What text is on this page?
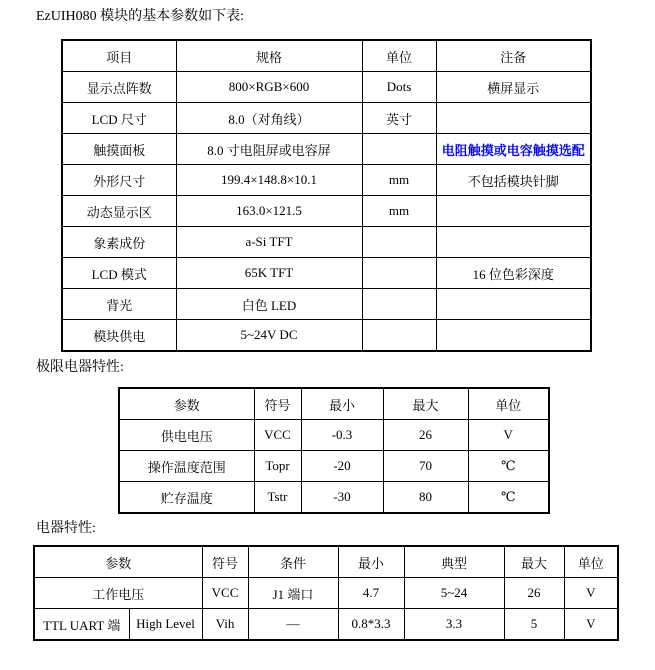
EzUIH080 模块的基本参数如下表:
项目	规格	单位	注备
显示点阵数	800×RGB×600	Dots	横屏显示
LCD 尺寸	8.0（对角线）	英寸	
触摸面板	8.0 寸电阻屏或电容屏		电阻触摸或电容触摸选配
外形尺寸	199.4×148.8×10.1	mm	不包括模块针脚
动态显示区	163.0×121.5	mm	
象素成份	a-Si TFT		
LCD 模式	65K TFT		16 位色彩深度
背光	白色 LED		
模块供电	5~24V DC		
极限电器特性:
参数	符号	最小	最大	单位
供电电压	VCC	-0.3	26	V
操作温度范围	Topr	-20	70	℃
贮存温度	Tstr	-30	80	℃
电器特性:
参数		符号	条件	最小	典型	最大	单位
工作电压		VCC	J1 端口	4.7	5~24	26	V
TTL UART 端	High Level	Vih	—	0.8*3.3	3.3	5	V
